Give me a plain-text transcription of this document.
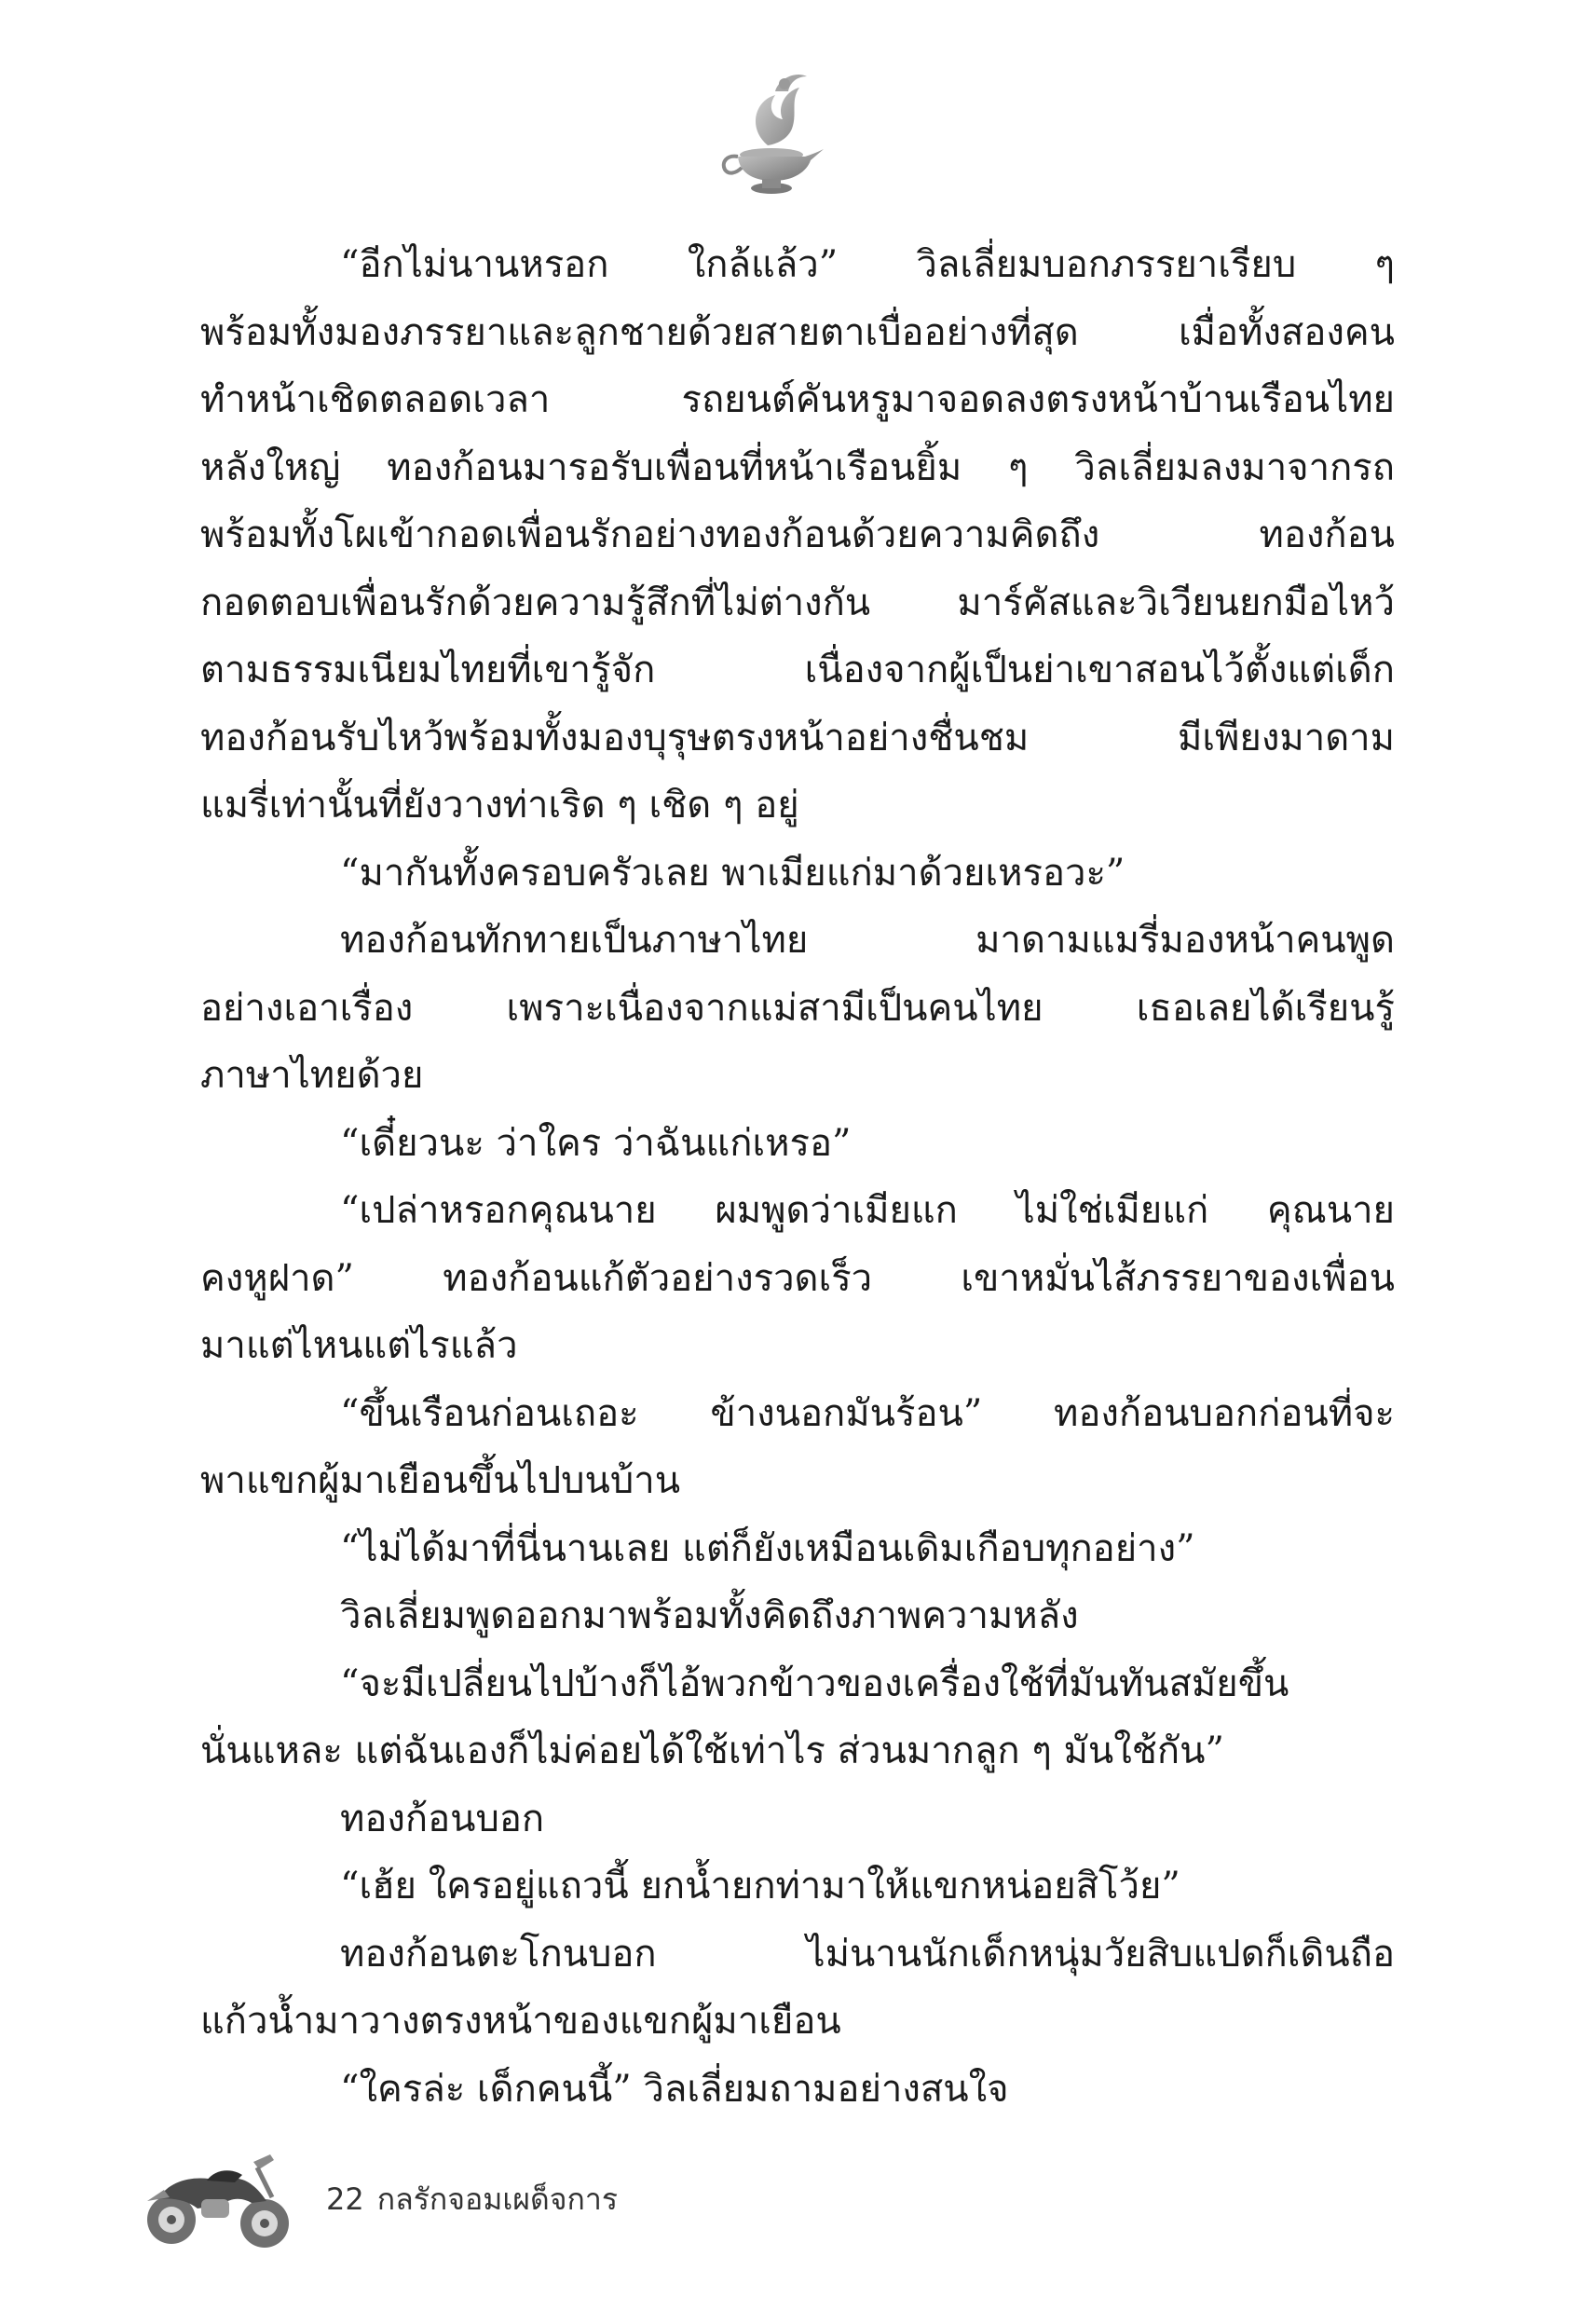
“อีกไม่นานหรอก ใกล้แล้ว” วิลเลี่ยมบอกภรรยาเรียบ ๆ
พร้อมทั้งมองภรรยาและลูกชายด้วยสายตาเบื่ออย่างที่สุด เมื่อทั้งสองคน
ทำหน้าเชิดตลอดเวลา รถยนต์คันหรูมาจอดลงตรงหน้าบ้านเรือนไทย
หลังใหญ่ ทองก้อนมารอรับเพื่อนที่หน้าเรือนยิ้ม ๆ วิลเลี่ยมลงมาจากรถ
พร้อมทั้งโผเข้ากอดเพื่อนรักอย่างทองก้อนด้วยความคิดถึง ทองก้อน
กอดตอบเพื่อนรักด้วยความรู้สึกที่ไม่ต่างกัน มาร์คัสและวิเวียนยกมือไหว้
ตามธรรมเนียมไทยที่เขารู้จัก เนื่องจากผู้เป็นย่าเขาสอนไว้ตั้งแต่เด็ก
ทองก้อนรับไหว้พร้อมทั้งมองบุรุษตรงหน้าอย่างชื่นชม มีเพียงมาดาม
แมรี่เท่านั้นที่ยังวางท่าเริด ๆ เชิด ๆ อยู่
“มากันทั้งครอบครัวเลย พาเมียแก่มาด้วยเหรอวะ”
ทองก้อนทักทายเป็นภาษาไทย มาดามแมรี่มองหน้าคนพูด
อย่างเอาเรื่อง เพราะเนื่องจากแม่สามีเป็นคนไทย เธอเลยได้เรียนรู้
ภาษาไทยด้วย
“เดี๋ยวนะ ว่าใคร ว่าฉันแก่เหรอ”
“เปล่าหรอกคุณนาย ผมพูดว่าเมียแก ไม่ใช่เมียแก่ คุณนาย
คงหูฝาด” ทองก้อนแก้ตัวอย่างรวดเร็ว เขาหมั่นไส้ภรรยาของเพื่อน
มาแต่ไหนแต่ไรแล้ว
“ขึ้นเรือนก่อนเถอะ ข้างนอกมันร้อน” ทองก้อนบอกก่อนที่จะ
พาแขกผู้มาเยือนขึ้นไปบนบ้าน
“ไม่ได้มาที่นี่นานเลย แต่ก็ยังเหมือนเดิมเกือบทุกอย่าง”
วิลเลี่ยมพูดออกมาพร้อมทั้งคิดถึงภาพความหลัง
“จะมีเปลี่ยนไปบ้างก็ไอ้พวกข้าวของเครื่องใช้ที่มันทันสมัยขึ้น
นั่นแหละ แต่ฉันเองก็ไม่ค่อยได้ใช้เท่าไร ส่วนมากลูก ๆ มันใช้กัน”
ทองก้อนบอก
“เฮ้ย ใครอยู่แถวนี้ ยกน้ำยกท่ามาให้แขกหน่อยสิโว้ย”
ทองก้อนตะโกนบอก ไม่นานนักเด็กหนุ่มวัยสิบแปดก็เดินถือ
แก้วน้ำมาวางตรงหน้าของแขกผู้มาเยือน
“ใครล่ะ เด็กคนนี้” วิลเลี่ยมถามอย่างสนใจ
22 กลรักจอมเผด็จการ
